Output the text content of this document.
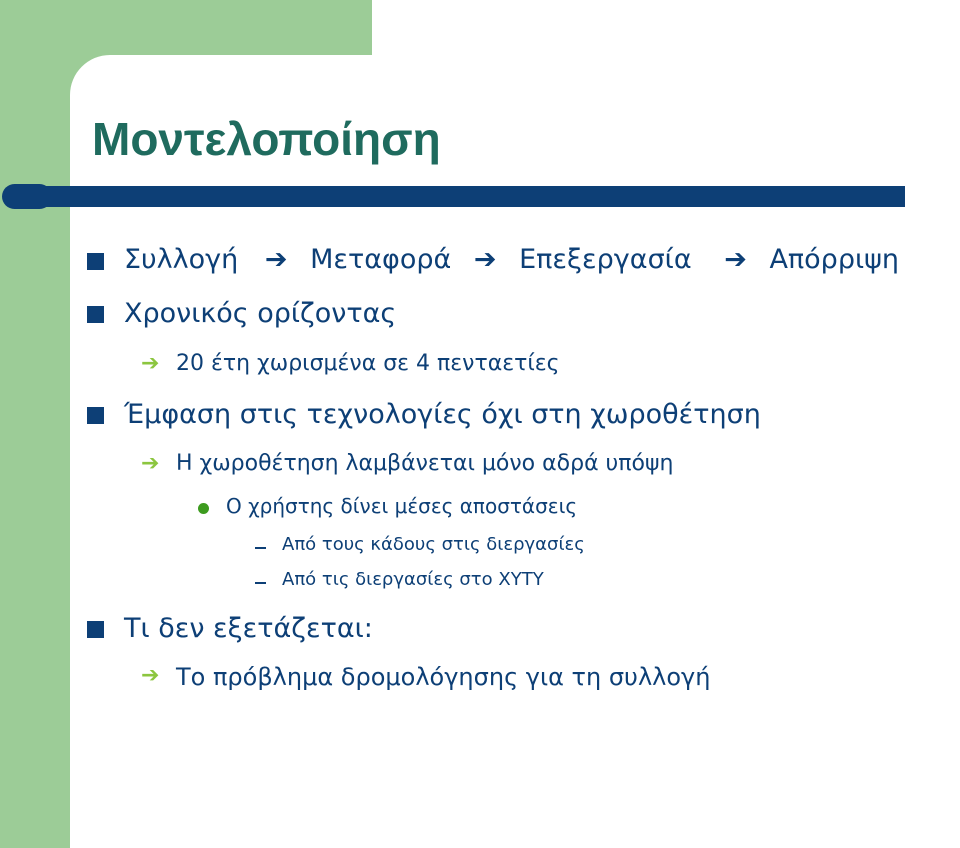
Μοντελοποίηση
Συλλογή ➔ Μεταφορά ➔ Επεξεργασία ➔ Απόρριψη
Χρονικός ορίζοντας
➔ 20 έτη χωρισμένα σε 4 πενταετίες
Έμφαση στις τεχνολογίες όχι στη χωροθέτηση
➔ Η χωροθέτηση λαμβάνεται μόνο αδρά υπόψη
Ο χρήστης δίνει μέσες αποστάσεις
Από τους κάδους στις διεργασίες
Από τις διεργασίες στο ΧΥΤΥ
Τι δεν εξετάζεται:
➔ Το πρόβλημα δρομολόγησης για τη συλλογή
